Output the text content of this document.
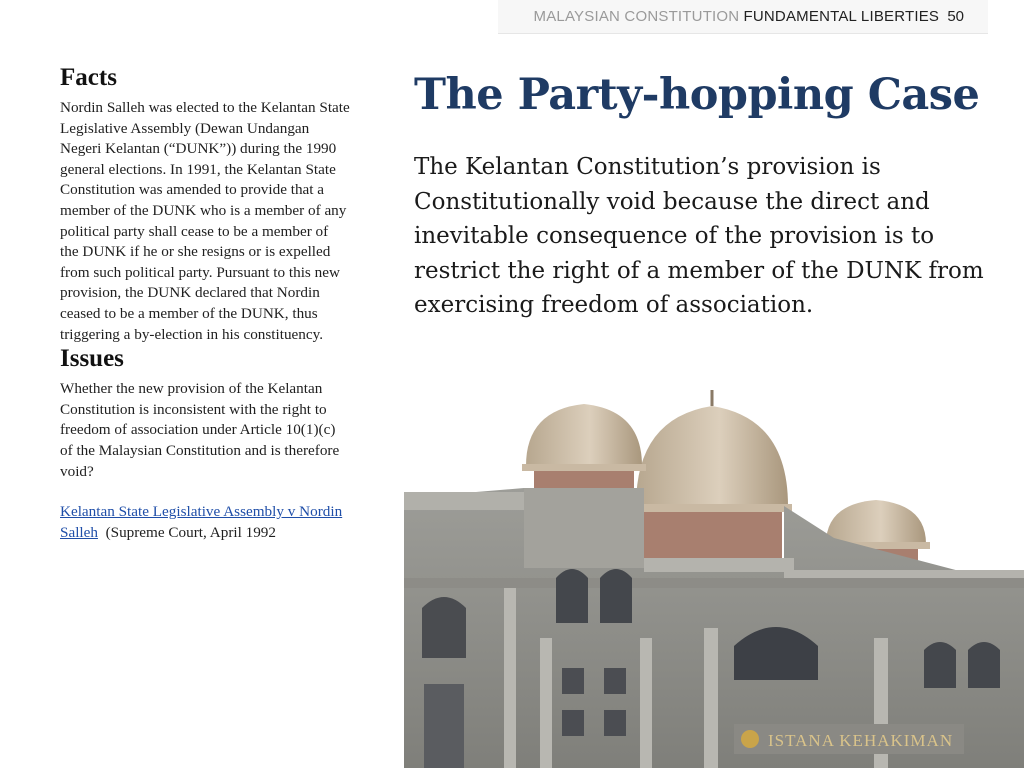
MALAYSIAN CONSTITUTION FUNDAMENTAL LIBERTIES 50
Facts

Nordin Salleh was elected to the Kelantan State Legislative Assembly (Dewan Undangan Negeri Kelantan (“DUNK”)) during the 1990 general elections. In 1991, the Kelantan State Constitution was amended to provide that a member of the DUNK who is a member of any political party shall cease to be a member of the DUNK if he or she resigns or is expelled from such political party. Pursuant to this new provision, the DUNK declared that Nordin ceased to be a member of the DUNK, thus triggering a by-election in his constituency.

Issues

Whether the new provision of the Kelantan Constitution is inconsistent with the right to freedom of association under Article 10(1)(c) of the Malaysian Constitution and is therefore void?

Kelantan State Legislative Assembly v Nordin Salleh (Supreme Court, April 1992
The Party-hopping Case

The Kelantan Constitution’s provision is Constitutionally void because the direct and inevitable consequence of the provision is to restrict the right of a member of the DUNK from exercising freedom of association.

ISTANA KEHAKIMAN
